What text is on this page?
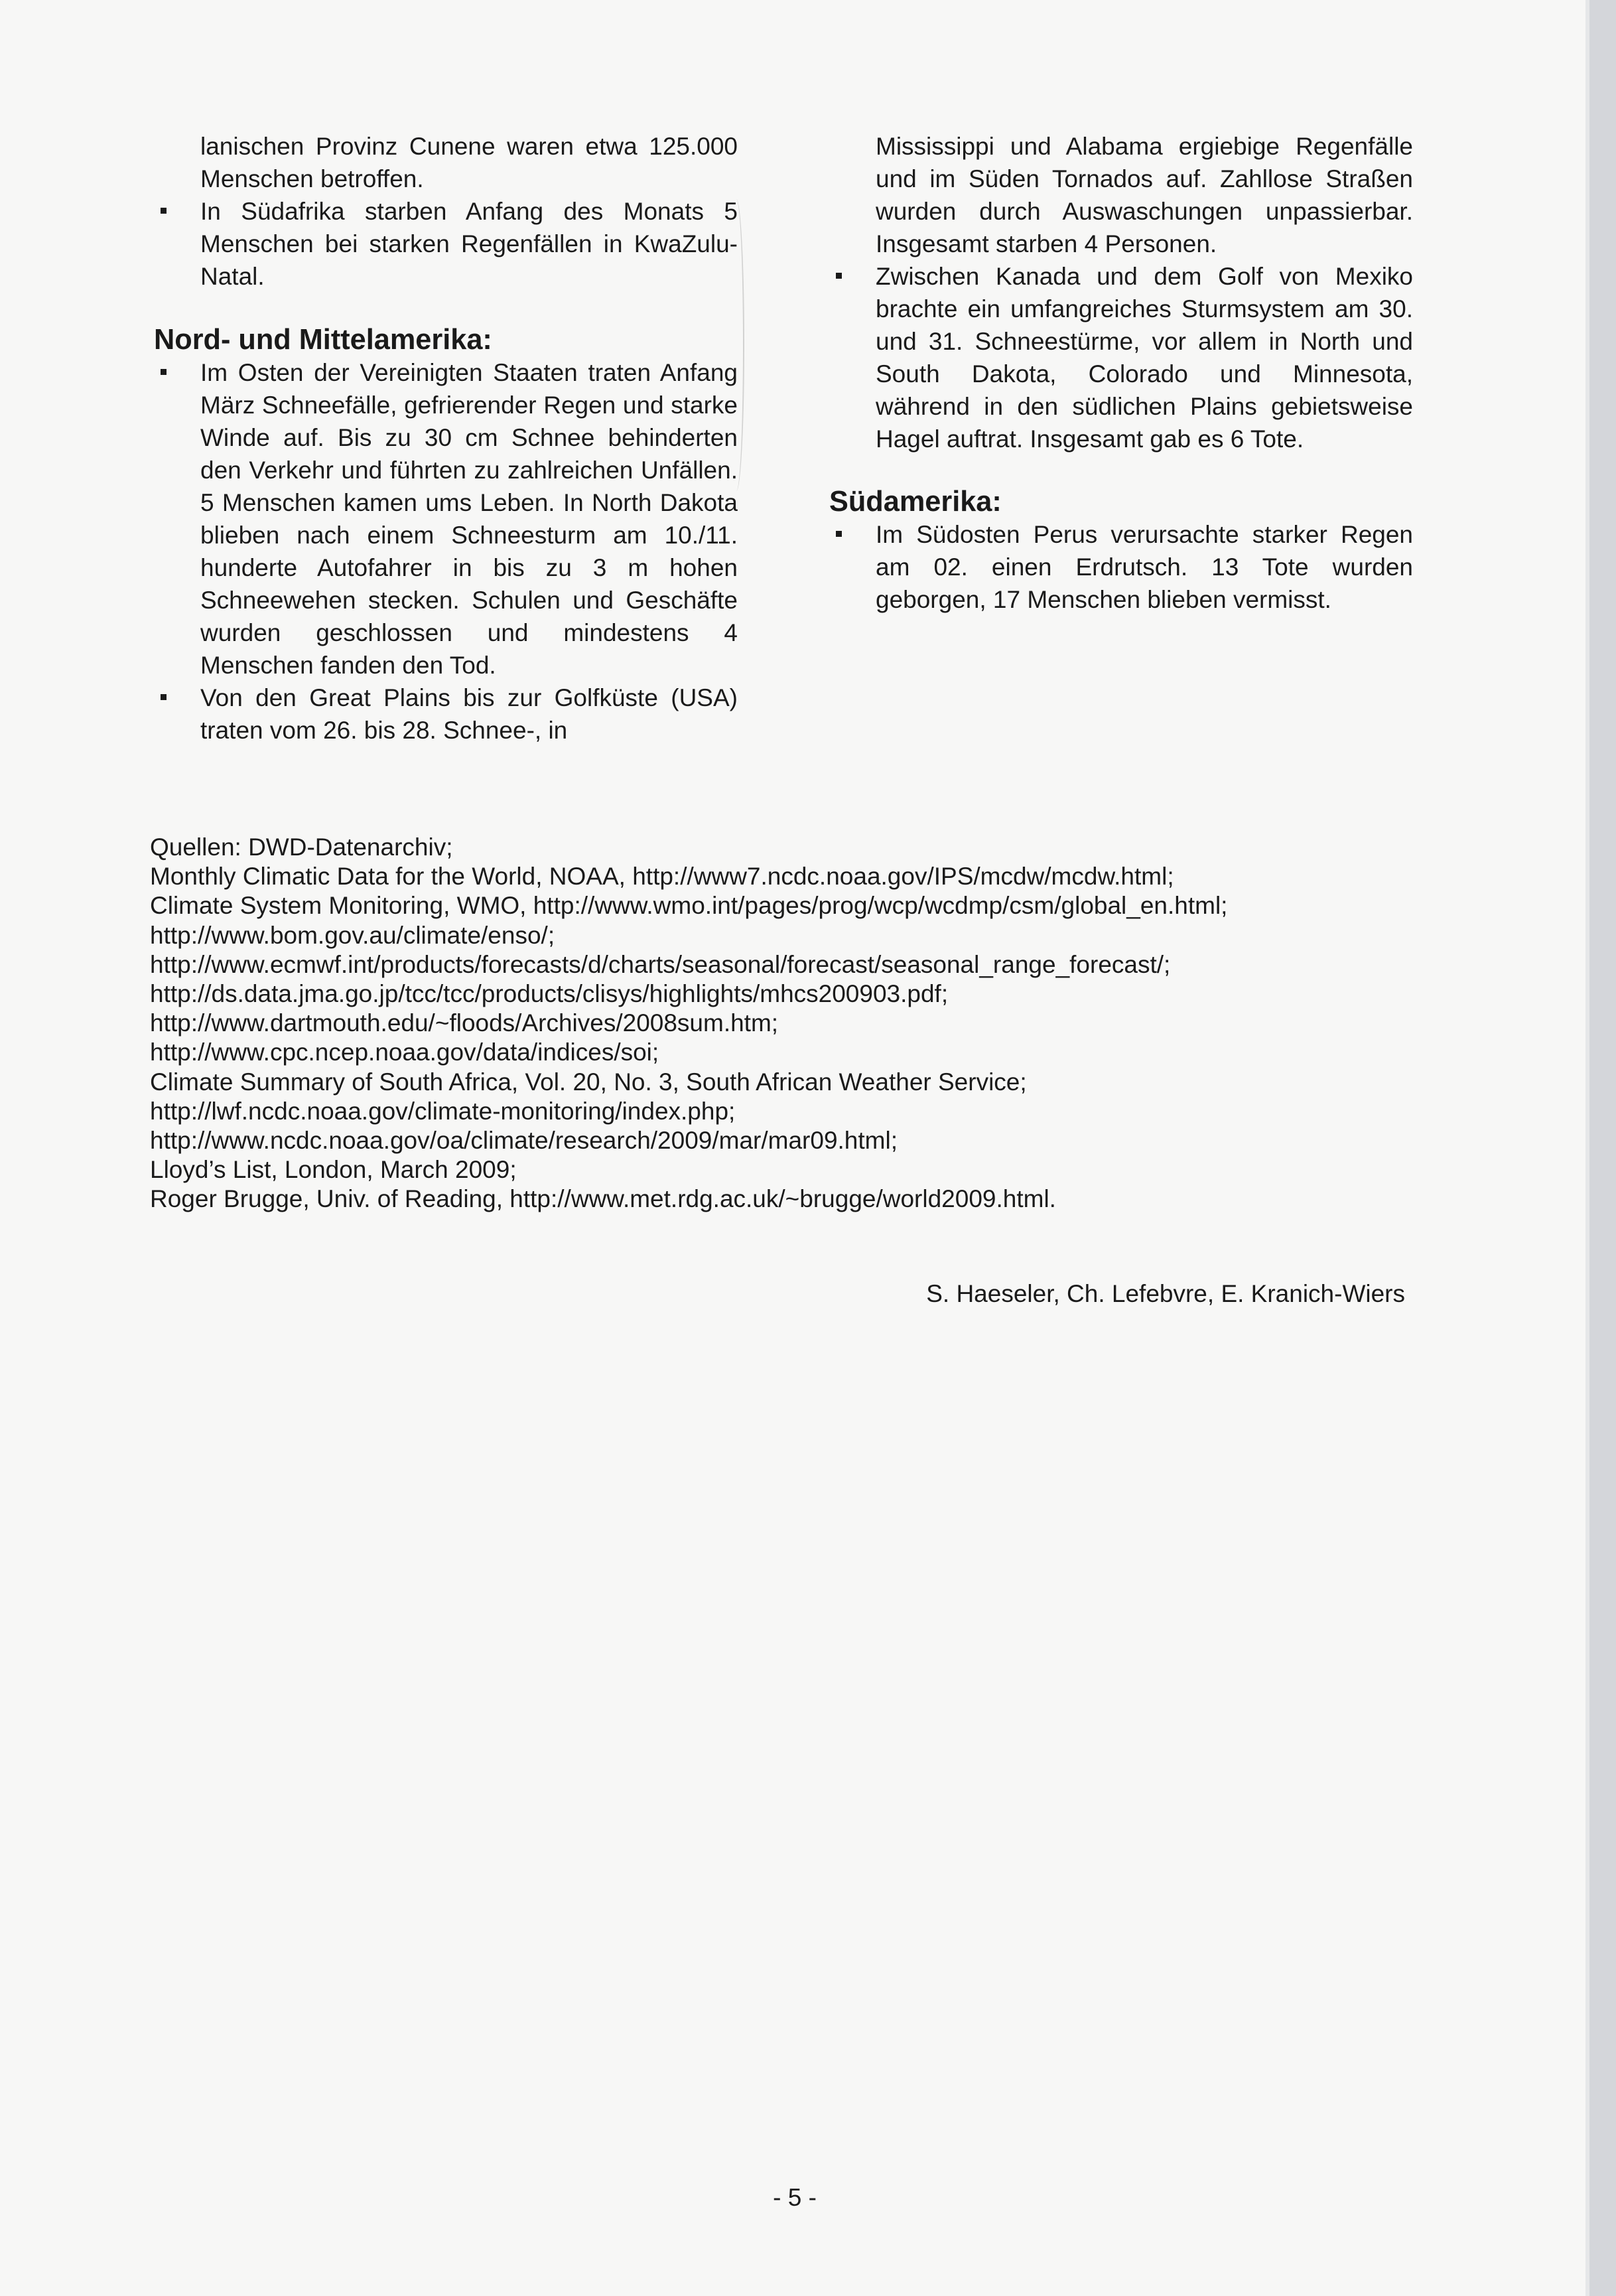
lanischen Provinz Cunene waren etwa 125.000 Menschen betroffen.

In Südafrika starben Anfang des Monats 5 Menschen bei starken Regenfällen in KwaZulu-Natal.
Nord- und Mittelamerika:
Im Osten der Vereinigten Staaten traten Anfang März Schneefälle, gefrierender Regen und starke Winde auf. Bis zu 30 cm Schnee behinderten den Verkehr und führten zu zahlreichen Unfällen. 5 Menschen kamen ums Leben. In North Dakota blieben nach einem Schneesturm am 10./11. hunderte Autofahrer in bis zu 3 m hohen Schneewehen stecken. Schulen und Geschäfte wurden geschlossen und mindestens 4 Menschen fanden den Tod.
Von den Great Plains bis zur Golfküste (USA) traten vom 26. bis 28. Schnee-, in

Mississippi und Alabama ergiebige Regenfälle und im Süden Tornados auf. Zahllose Straßen wurden durch Auswaschungen unpassierbar. Insgesamt starben 4 Personen.

Zwischen Kanada und dem Golf von Mexiko brachte ein umfangreiches Sturmsystem am 30. und 31. Schneestürme, vor allem in North und South Dakota, Colorado und Minnesota, während in den südlichen Plains gebietsweise Hagel auftrat. Insgesamt gab es 6 Tote.
Südamerika:
Im Südosten Perus verursachte starker Regen am 02. einen Erdrutsch. 13 Tote wurden geborgen, 17 Menschen blieben vermisst.
Quellen: DWD-Datenarchiv;
Monthly Climatic Data for the World, NOAA, http://www7.ncdc.noaa.gov/IPS/mcdw/mcdw.html;
Climate System Monitoring, WMO, http://www.wmo.int/pages/prog/wcp/wcdmp/csm/global_en.html;
http://www.bom.gov.au/climate/enso/;
http://www.ecmwf.int/products/forecasts/d/charts/seasonal/forecast/seasonal_range_forecast/;
http://ds.data.jma.go.jp/tcc/tcc/products/clisys/highlights/mhcs200903.pdf;
http://www.dartmouth.edu/~floods/Archives/2008sum.htm;
http://www.cpc.ncep.noaa.gov/data/indices/soi;
Climate Summary of South Africa, Vol. 20, No. 3, South African Weather Service;
http://lwf.ncdc.noaa.gov/climate-monitoring/index.php;
http://www.ncdc.noaa.gov/oa/climate/research/2009/mar/mar09.html;
Lloyd’s List, London, March 2009;
Roger Brugge, Univ. of Reading, http://www.met.rdg.ac.uk/~brugge/world2009.html.
S. Haeseler, Ch. Lefebvre, E. Kranich-Wiers
- 5 -
